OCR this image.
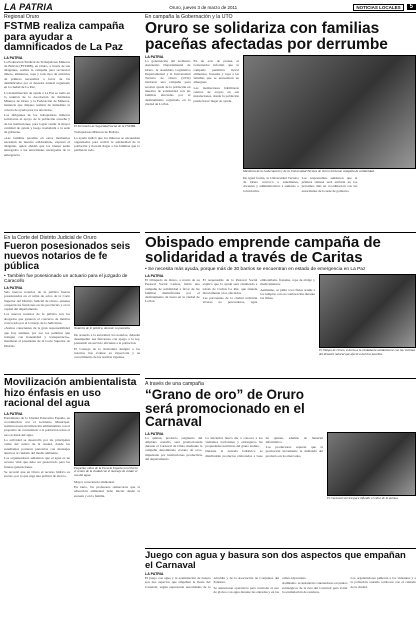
LA PATRIA	Oruro, jueves 3 de marzo de 2011	NOTICIAS LOCALES	5
Regional Oruro
FSTMB realiza campaña para ayudar a damnificados de La Paz
LA PATRIA

La Federación Sindical de Trabajadores Mineros de Bolivia (FSTMB), en Oruro, a través de sus dirigentes, realiza la campaña para recolectar dinero, alimentos, ropa y todo tipo de artículos de primera necesidad, a favor de los damnificados por el desastre natural registrado en la ciudad de La Paz.

La determinación de ayuda a La Paz se tomó en la reunión de la Asociación de Jubilados Mineros de Oruro y la Federación de Mineros, instancia que dispuso realizar de inmediato la colecta de ayuda para los afectados.

Los dirigentes de los trabajadores mineros solicitaron el apoyo de la población orureña y de las instituciones, para lograr reunir la mayor cantidad de ayuda y luego trasladarla a la sede de gobierno.

«Las familias paceñas en estos momentos necesitan de nuestra solidaridad», expresó el dirigente, quien añadió que los bienes serán entregados a las autoridades encargadas de la emergencia.

El Secretario de Seguridad Social de la FSTMB.

Trabajadores Mineros de Bolivia.

La ayuda indicó que los mineros se encuentran organizados para recibir la solidaridad de la población y hacerla llegar a las familias que lo perdieron todo.

En campaña la Gobernación y la UTO
Oruro se solidariza con familias paceñas afectadas por derrumbe
LA PATRIA

La gobernación del Gobierno Autónomo Departamental de Oruro, la Asamblea Legislativa Departamental y la Universidad Técnica de Oruro (UTO) iniciaron una campaña para recabar ayuda de la población en muestra de solidaridad con las familias afectadas por el deslizamiento registrado en la ciudad de La Paz.

En un acto de prensa, el Gobernador informó que la campaña permitirá llevar alimentos, frazadas y ropa a las familias que se encuentran en albergues.

Las instituciones habilitaron centros de acopio en sus instalaciones, donde la población puede hacer llegar su ayuda.

Miembros de la Gobernación y de la Universidad Técnica de Oruro iniciaron campaña de solidaridad.

De igual forma, la Universidad Técnica de Oruro convocó a estudiantes, docentes y administrativos a sumarse a la iniciativa.

Los responsables señalaron que la primera remesa será enviada en los próximos días en coordinación con las autoridades de la sede de gobierno.

En la Corte del Distrito Judicial de Oruro
Fueron posesionados seis nuevos notarios de fe pública
• También fue posesionado un actuario para el juzgado de Caracollo
LA PATRIA

Seis nuevos notarios de fe pública fueron posesionados en el salón de actos de la Corte Superior del Distrito Judicial de Oruro, quienes ocuparán las funciones en las provincias y en la capital del departamento.

Los nuevos notarios de fe pública son los abogados que ganaron el concurso de méritos convocado por el Consejo de la Judicatura.

«Somos conscientes de la gran responsabilidad que hoy asumen, por eso les pedimos que trabajen con honestidad y transparencia», manifestó el presidente de la Corte Superior de Distrito.

Notarios de fe pública, durante su posesión.

De acuerdo a la autoridad, los notarios, deberán desempeñar sus funciones con apego a la ley, prestando un servicio eficiente a la población.

El Consejo de la Judicatura designó a los notarios tras evaluar su trayectoria y su conocimiento de las normas vigentes.

Obispado emprende campaña de solidaridad a través de Caritas
• Se necesita más ayuda, porque más de 30 barrios se encuentran en estado de emergencia en La Paz
LA PATRIA

El Obispado de Oruro, a través de su Pastoral Social Caritas, inició una campaña de solidaridad a favor de las familias damnificadas por el deslizamiento de tierra en la ciudad de La Paz.

El responsable de la Pastoral Social explicó que la ayuda será canalizada a través de Caritas La Paz, que atiende directamente a los afectados.

Las parroquias de la ciudad recibirán víveres no perecederos, agua embotellada, frazadas, ropa de abrigo y medicamentos.

Asimismo, se pidió a los fieles acudir a los templos con su colaboración durante las misas.

El Obispo de Oruro, exhorta a la ciudadanía solidarizarse con las víctimas del desastre natural que afectó a barrios paceños.
Movilización ambientalista hizo énfasis en uso racional del agua
LA PATRIA

Estudiantes de la Unidad Educativa España, en coordinación con el Gobierno Municipal, realizaron una movilización ambientalista con el propósito de concientizar a la población sobre el uso racional del agua.

La actividad se desarrolló por las principales calles del centro de la ciudad, donde los estudiantes portaron pancartas con mensajes alusivos al cuidado del medio ambiente.

Los organizadores señalaron que el agua es un recurso vital que debe ser preservado para las futuras generaciones.

Se recordó que en Oruro el recurso hídrico es escaso, por lo que urge una política de ahorro.

Pequeños niños de la Escuela España recorrieron el centro de la ciudad con el mensaje de cuidar el uso del agua.

Mayor consciencia ambiental.

En tanto, los profesores remarcaron que la educación ambiental debe iniciar desde la escuela y en la familia.

A través de una campaña
“Grano de oro” de Oruro será promocionado en el Carnaval
LA PATRIA

La quinua, producto originario del altiplano orureño, será promocionada durante el Carnaval de Oruro mediante la campaña denominada «Grano de oro», impulsada por instituciones productivas del departamento.

La iniciativa busca dar a conocer a los visitantes nacionales y extranjeros las propiedades nutritivas del grano andino.

Durante la entrada folklórica se distribuirán productos elaborados a base de quinua, además de material informativo.

Los productores esperan que la promoción incremente la demanda del producto en los mercados.

El Carnaval servirá para difundir el valor de la quinua.
Juego con agua y basura son dos aspectos que empañan el Carnaval
LA PATRIA

El juego con agua y la acumulación de basura son dos aspectos que empañan la fiesta del Carnaval, según expresaron autoridades de la Alcaldía y de la Asociación de Conjuntos del Folklore.

Se anunciaron operativos para controlar el uso de globos con agua durante las entradas y en las calles adyacentes.

Asimismo, se instalarán contenedores en puntos estratégicos de la ruta del Carnaval para evitar la acumulación de residuos.

Los organizadores pidieron a los visitantes y a la población orureña colaborar con el cuidado de la ciudad.
